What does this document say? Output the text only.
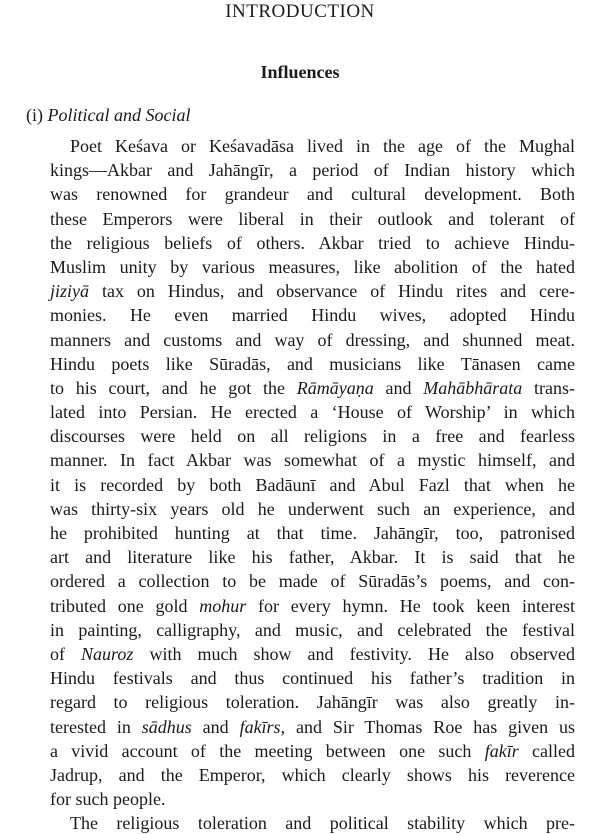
INTRODUCTION
Influences
(i) Political and Social
Poet Keśava or Keśavadāsa lived in the age of the Mughal
kings—Akbar and Jahāngīr, a period of Indian history which
was renowned for grandeur and cultural development. Both
these Emperors were liberal in their outlook and tolerant of
the religious beliefs of others. Akbar tried to achieve Hindu-
Muslim unity by various measures, like abolition of the hated
jiziyā tax on Hindus, and observance of Hindu rites and cere-
monies. He even married Hindu wives, adopted Hindu
manners and customs and way of dressing, and shunned meat.
Hindu poets like Sūradās, and musicians like Tānasen came
to his court, and he got the Rāmāyaṇa and Mahābhārata trans-
lated into Persian. He erected a ‘House of Worship’ in which
discourses were held on all religions in a free and fearless
manner. In fact Akbar was somewhat of a mystic himself, and
it is recorded by both Badāunī and Abul Fazl that when he
was thirty-six years old he underwent such an experience, and
he prohibited hunting at that time. Jahāngīr, too, patronised
art and literature like his father, Akbar. It is said that he
ordered a collection to be made of Sūradās’s poems, and con-
tributed one gold mohur for every hymn. He took keen interest
in painting, calligraphy, and music, and celebrated the festival
of Nauroz with much show and festivity. He also observed
Hindu festivals and thus continued his father’s tradition in
regard to religious toleration. Jahāngīr was also greatly in-
terested in sādhus and fakīrs, and Sir Thomas Roe has given us
a vivid account of the meeting between one such fakīr called
Jadrup, and the Emperor, which clearly shows his reverence
for such people.
The religious toleration and political stability which pre-
